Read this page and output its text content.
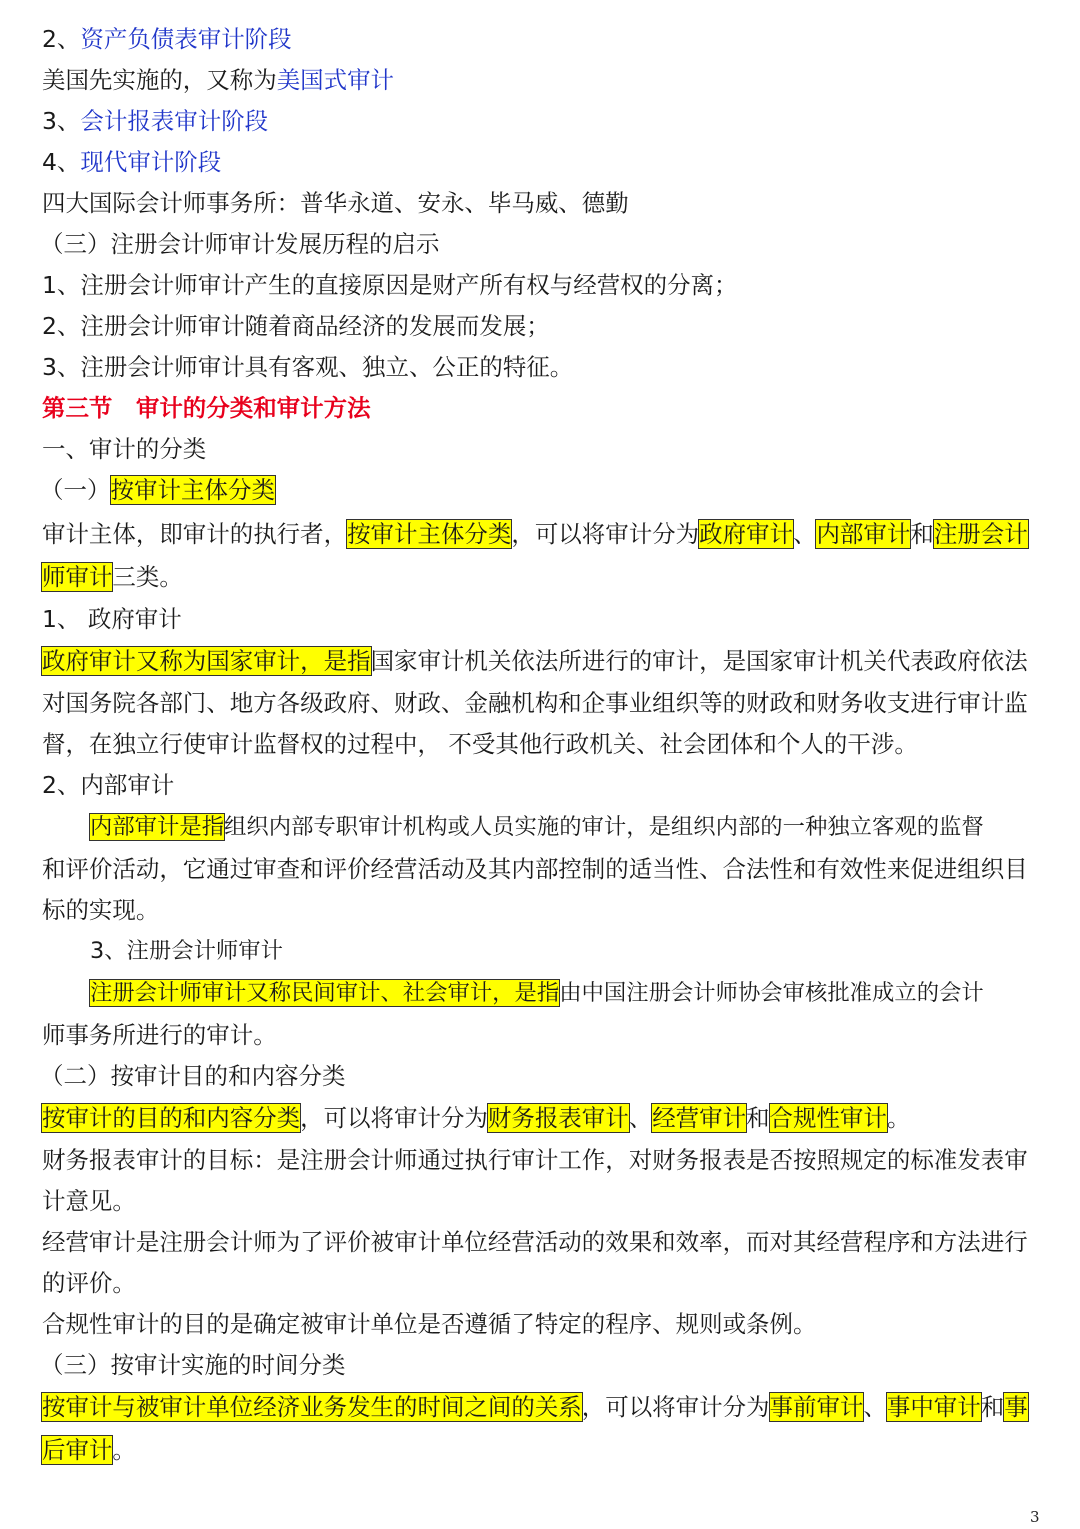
2、资产负债表审计阶段
美国先实施的，又称为美国式审计
3、会计报表审计阶段
4、现代审计阶段
四大国际会计师事务所：普华永道、安永、毕马威、德勤
（三）注册会计师审计发展历程的启示
1、注册会计师审计产生的直接原因是财产所有权与经营权的分离；
2、注册会计师审计随着商品经济的发展而发展；
3、注册会计师审计具有客观、独立、公正的特征。
第三节　审计的分类和审计方法
一、审计的分类
（一）按审计主体分类
审计主体，即审计的执行者，按审计主体分类，可以将审计分为政府审计、内部审计和注册会计
师审计三类。
1、 政府审计
政府审计又称为国家审计，是指国家审计机关依法所进行的审计，是国家审计机关代表政府依法
对国务院各部门、地方各级政府、财政、金融机构和企事业组织等的财政和财务收支进行审计监
督，在独立行使审计监督权的过程中， 不受其他行政机关、社会团体和个人的干涉。
2、内部审计
内部审计是指组织内部专职审计机构或人员实施的审计，是组织内部的一种独立客观的监督
和评价活动，它通过审查和评价经营活动及其内部控制的适当性、合法性和有效性来促进组织目
标的实现。
3、注册会计师审计
注册会计师审计又称民间审计、社会审计，是指由中国注册会计师协会审核批准成立的会计
师事务所进行的审计。
（二）按审计目的和内容分类
按审计的目的和内容分类，可以将审计分为财务报表审计、经营审计和合规性审计。
财务报表审计的目标：是注册会计师通过执行审计工作，对财务报表是否按照规定的标准发表审
计意见。
经营审计是注册会计师为了评价被审计单位经营活动的效果和效率，而对其经营程序和方法进行
的评价。
合规性审计的目的是确定被审计单位是否遵循了特定的程序、规则或条例。
（三）按审计实施的时间分类
按审计与被审计单位经济业务发生的时间之间的关系，可以将审计分为事前审计、事中审计和事
后审计。
3
